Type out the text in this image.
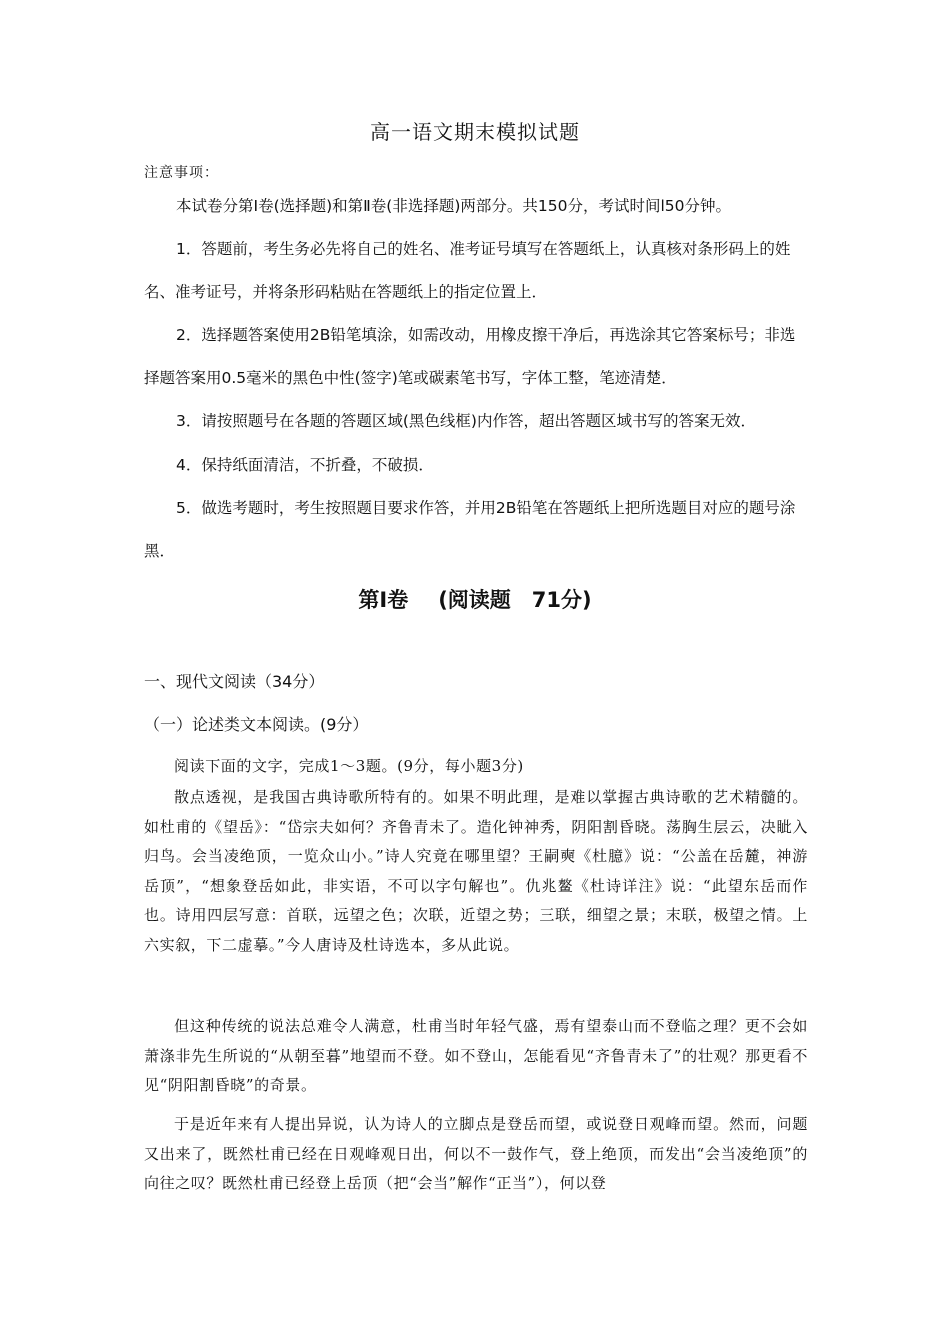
高一语文期末模拟试题
注意事项：

本试卷分第Ⅰ卷(选择题)和第Ⅱ卷(非选择题)两部分。共150分，考试时间l50分钟。

1．答题前，考生务必先将自己的姓名、准考证号填写在答题纸上，认真核对条形码上的姓名、准考证号，并将条形码粘贴在答题纸上的指定位置上．

2．选择题答案使用2B铅笔填涂，如需改动，用橡皮擦干净后，再选涂其它答案标号；非选择题答案用0.5毫米的黑色中性(签字)笔或碳素笔书写，字体工整，笔迹清楚．

3．请按照题号在各题的答题区域(黑色线框)内作答，超出答题区域书写的答案无效．

4．保持纸面清洁，不折叠，不破损．

5．做选考题时，考生按照题目要求作答，并用2B铅笔在答题纸上把所选题目对应的题号涂黑．

第I卷 (阅读题　71分)
一、现代文阅读（34分）
（一）论述类文本阅读。(9分）

阅读下面的文字，完成1～3题。(9分，每小题3分)

散点透视，是我国古典诗歌所特有的。如果不明此理，是难以掌握古典诗歌的艺术精髓的。如杜甫的《望岳》：“岱宗夫如何？齐鲁青未了。造化钟神秀，阴阳割昏晓。荡胸生层云，决眦入归鸟。会当凌绝顶，一览众山小。”诗人究竟在哪里望？王嗣奭《杜臆》说：“公盖在岳麓，神游岳顶”，“想象登岳如此，非实语，不可以字句解也”。仇兆鳌《杜诗详注》说：“此望东岳而作也。诗用四层写意：首联，远望之色；次联，近望之势；三联，细望之景；末联，极望之情。上六实叙，下二虚摹。”今人唐诗及杜诗选本，多从此说。

但这种传统的说法总难令人满意，杜甫当时年轻气盛，焉有望泰山而不登临之理？更不会如萧涤非先生所说的“从朝至暮”地望而不登。如不登山，怎能看见“齐鲁青未了”的壮观？那更看不见“阴阳割昏晓”的奇景。

于是近年来有人提出异说，认为诗人的立脚点是登岳而望，或说登日观峰而望。然而，问题又出来了，既然杜甫已经在日观峰观日出，何以不一鼓作气，登上绝顶，而发出“会当凌绝顶”的向往之叹？既然杜甫已经登上岳顶（把“会当”解作“正当”），何以登
